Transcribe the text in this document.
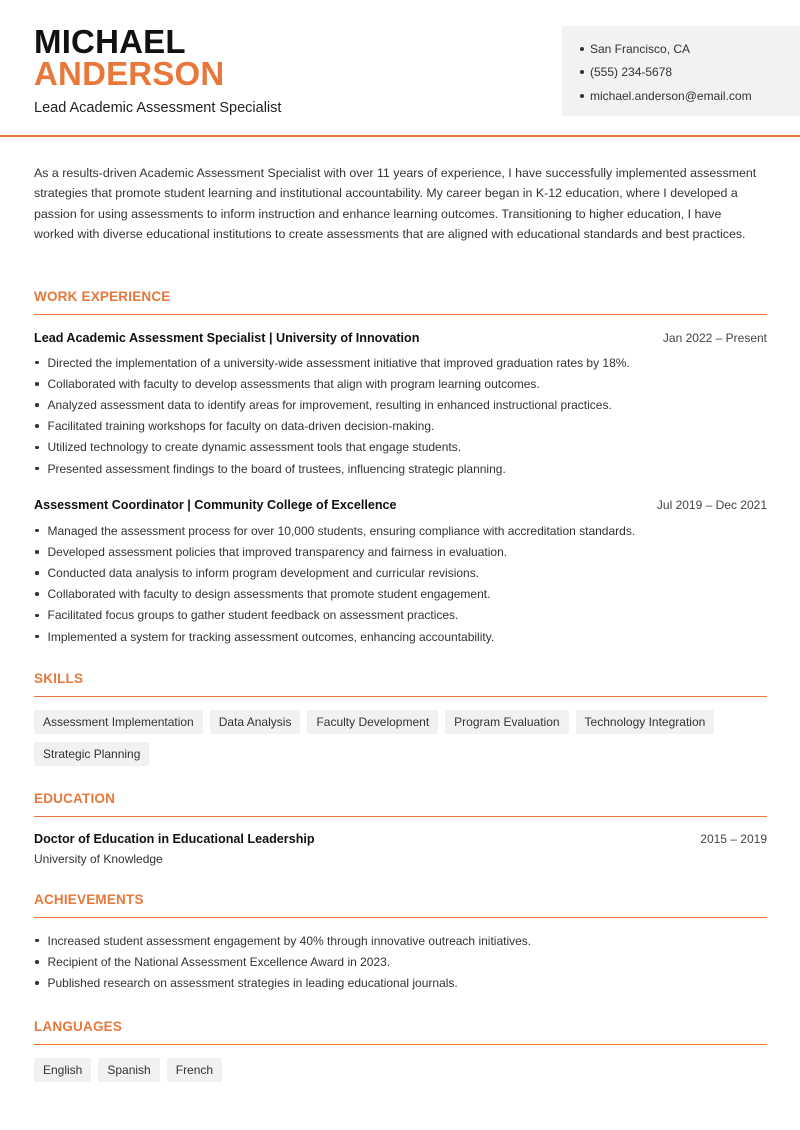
MICHAEL
ANDERSON
Lead Academic Assessment Specialist
San Francisco, CA
(555) 234-5678
michael.anderson@email.com

As a results-driven Academic Assessment Specialist with over 11 years of experience, I have successfully implemented assessment strategies that promote student learning and institutional accountability. My career began in K-12 education, where I developed a passion for using assessments to inform instruction and enhance learning outcomes. Transitioning to higher education, I have worked with diverse educational institutions to create assessments that are aligned with educational standards and best practices.

WORK EXPERIENCE
Lead Academic Assessment Specialist | University of Innovation	Jan 2022 – Present
Directed the implementation of a university-wide assessment initiative that improved graduation rates by 18%.
Collaborated with faculty to develop assessments that align with program learning outcomes.
Analyzed assessment data to identify areas for improvement, resulting in enhanced instructional practices.
Facilitated training workshops for faculty on data-driven decision-making.
Utilized technology to create dynamic assessment tools that engage students.
Presented assessment findings to the board of trustees, influencing strategic planning.
Assessment Coordinator | Community College of Excellence	Jul 2019 – Dec 2021
Managed the assessment process for over 10,000 students, ensuring compliance with accreditation standards.
Developed assessment policies that improved transparency and fairness in evaluation.
Conducted data analysis to inform program development and curricular revisions.
Collaborated with faculty to design assessments that promote student engagement.
Facilitated focus groups to gather student feedback on assessment practices.
Implemented a system for tracking assessment outcomes, enhancing accountability.
SKILLS
Assessment Implementation	Data Analysis	Faculty Development	Program Evaluation	Technology Integration
Strategic Planning
EDUCATION
Doctor of Education in Educational Leadership	2015 – 2019
University of Knowledge
ACHIEVEMENTS
Increased student assessment engagement by 40% through innovative outreach initiatives.
Recipient of the National Assessment Excellence Award in 2023.
Published research on assessment strategies in leading educational journals.
LANGUAGES
English	Spanish	French
